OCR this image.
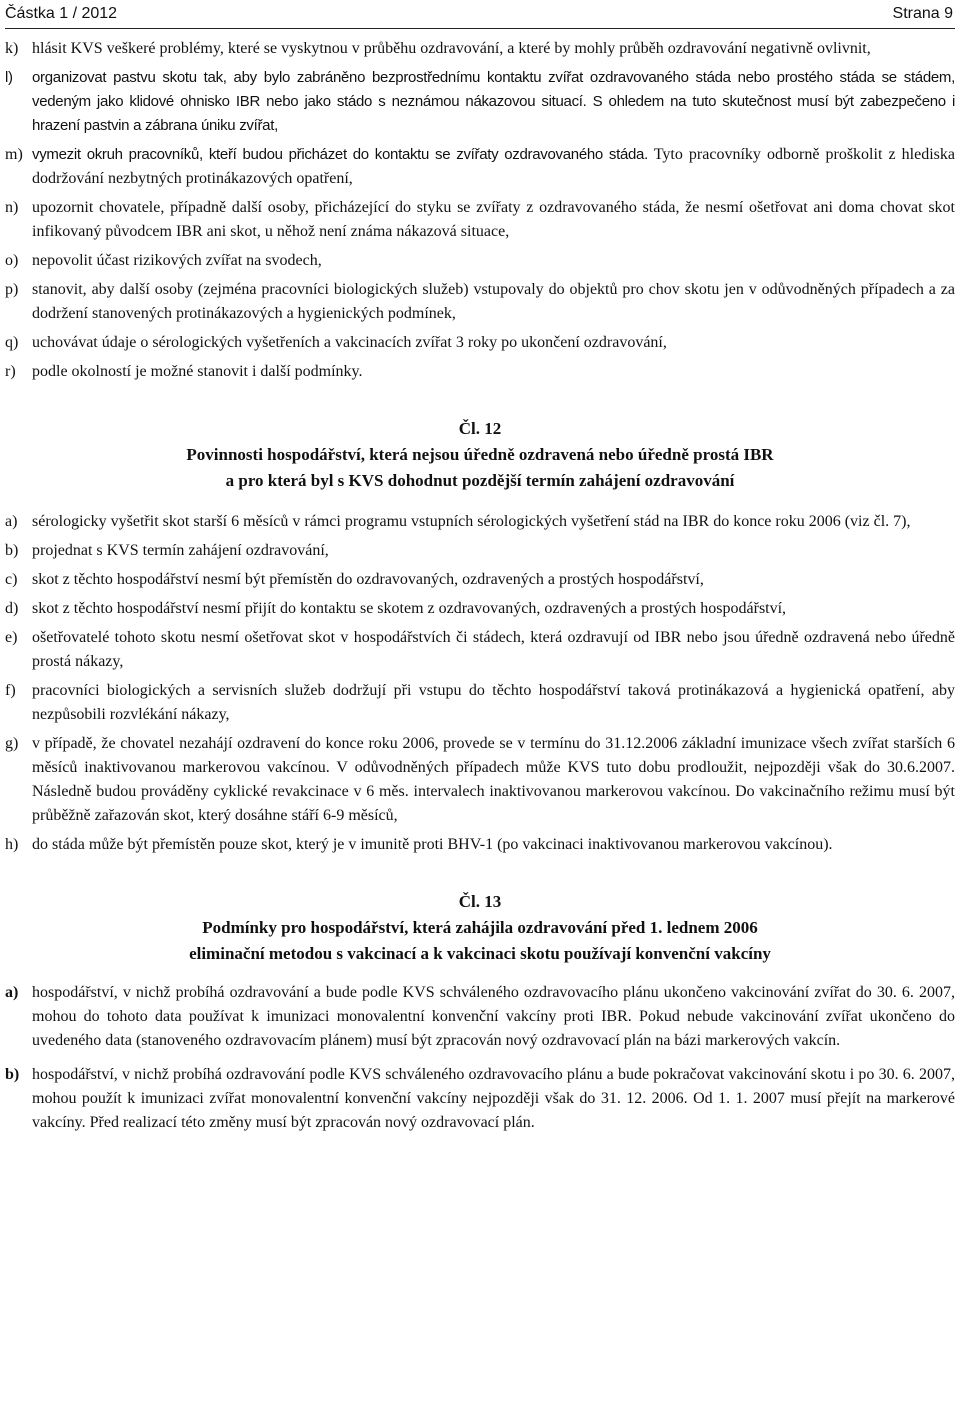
Částka 1 / 2012	Strana 9
k) hlásit KVS veškeré problémy, které se vyskytnou v průběhu ozdravování, a které by mohly průběh ozdravování negativně ovlivnit,
l) organizovat pastvu skotu tak, aby bylo zabráněno bezprostřednímu kontaktu zvířat ozdravovaného stáda nebo prostého stáda se stádem, vedeným jako klidové ohnisko IBR nebo jako stádo s neznámou nákazovou situací. S ohledem na tuto skutečnost musí být zabezpečeno i hrazení pastvin a zábrana úniku zvířat,
m) vymezit okruh pracovníků, kteří budou přicházet do kontaktu se zvířaty ozdravovaného stáda. Tyto pracovníky odborně proškolit z hlediska dodržování nezbytných protinákazových opatření,
n) upozornit chovatele, případně další osoby, přicházející do styku se zvířaty z ozdravovaného stáda, že nesmí ošetřovat ani doma chovat skot infikovaný původcem IBR ani skot, u něhož není známa nákazová situace,
o) nepovolit účast rizikových zvířat na svodech,
p) stanovit, aby další osoby (zejména pracovníci biologických služeb) vstupovaly do objektů pro chov skotu jen v odůvodněných případech a za dodržení stanovených protinákazových a hygienických podmínek,
q) uchovávat údaje o sérologických vyšetřeních a vakcinacích zvířat 3 roky po ukončení ozdravování,
r) podle okolností je možné stanovit i další podmínky.
Čl. 12
Povinnosti hospodářství, která nejsou úředně ozdravená nebo úředně prostá IBR
a pro která byl s KVS dohodnut pozdější termín zahájení ozdravování
a) sérologicky vyšetřit skot starší 6 měsíců v rámci programu vstupních sérologických vyšetření stád na IBR do konce roku 2006 (viz čl. 7),
b) projednat s KVS termín zahájení ozdravování,
c) skot z těchto hospodářství nesmí být přemístěn do ozdravovaných, ozdravených a prostých hospodářství,
d) skot z těchto hospodářství nesmí přijít do kontaktu se skotem z ozdravovaných, ozdravených a prostých hospodářství,
e) ošetřovatelé tohoto skotu nesmí ošetřovat skot v hospodářstvích či stádech, která ozdravují od IBR nebo jsou úředně ozdravená nebo úředně prostá nákazy,
f) pracovníci biologických a servisních služeb dodržují při vstupu do těchto hospodářství taková protinákazová a hygienická opatření, aby nezpůsobili rozvlékání nákazy,
g) v případě, že chovatel nezahájí ozdravení do konce roku 2006, provede se v termínu do 31.12.2006 základní imunizace všech zvířat starších 6 měsíců inaktivovanou markerovou vakcínou. V odůvodněných případech může KVS tuto dobu prodloužit, nejpozději však do 30.6.2007. Následně budou prováděny cyklické revakcinace v 6 měs. intervalech inaktivovanou markerovou vakcínou. Do vakcinačního režimu musí být průběžně zařazován skot, který dosáhne stáří 6-9 měsíců,
h) do stáda může být přemístěn pouze skot, který je v imunitě proti BHV-1 (po vakcinaci inaktivovanou markerovou vakcínou).
Čl. 13
Podmínky pro hospodářství, která zahájila ozdravování před 1. lednem 2006
eliminační metodou s vakcinací a k vakcinaci skotu používají konvenční vakcíny
a) hospodářství, v nichž probíhá ozdravování a bude podle KVS schváleného ozdravovacího plánu ukončeno vakcinování zvířat do 30. 6. 2007, mohou do tohoto data používat k imunizaci monovalentní konvenční vakcíny proti IBR. Pokud nebude vakcinování zvířat ukončeno do uvedeného data (stanoveného ozdravovacím plánem) musí být zpracován nový ozdravovací plán na bázi markerových vakcín.
b) hospodářství, v nichž probíhá ozdravování podle KVS schváleného ozdravovacího plánu a bude pokračovat vakcinování skotu i po 30. 6. 2007, mohou použít k imunizaci zvířat monovalentní konvenční vakcíny nejpozději však do 31. 12. 2006. Od 1. 1. 2007 musí přejít na markerové vakcíny. Před realizací této změny musí být zpracován nový ozdravovací plán.
